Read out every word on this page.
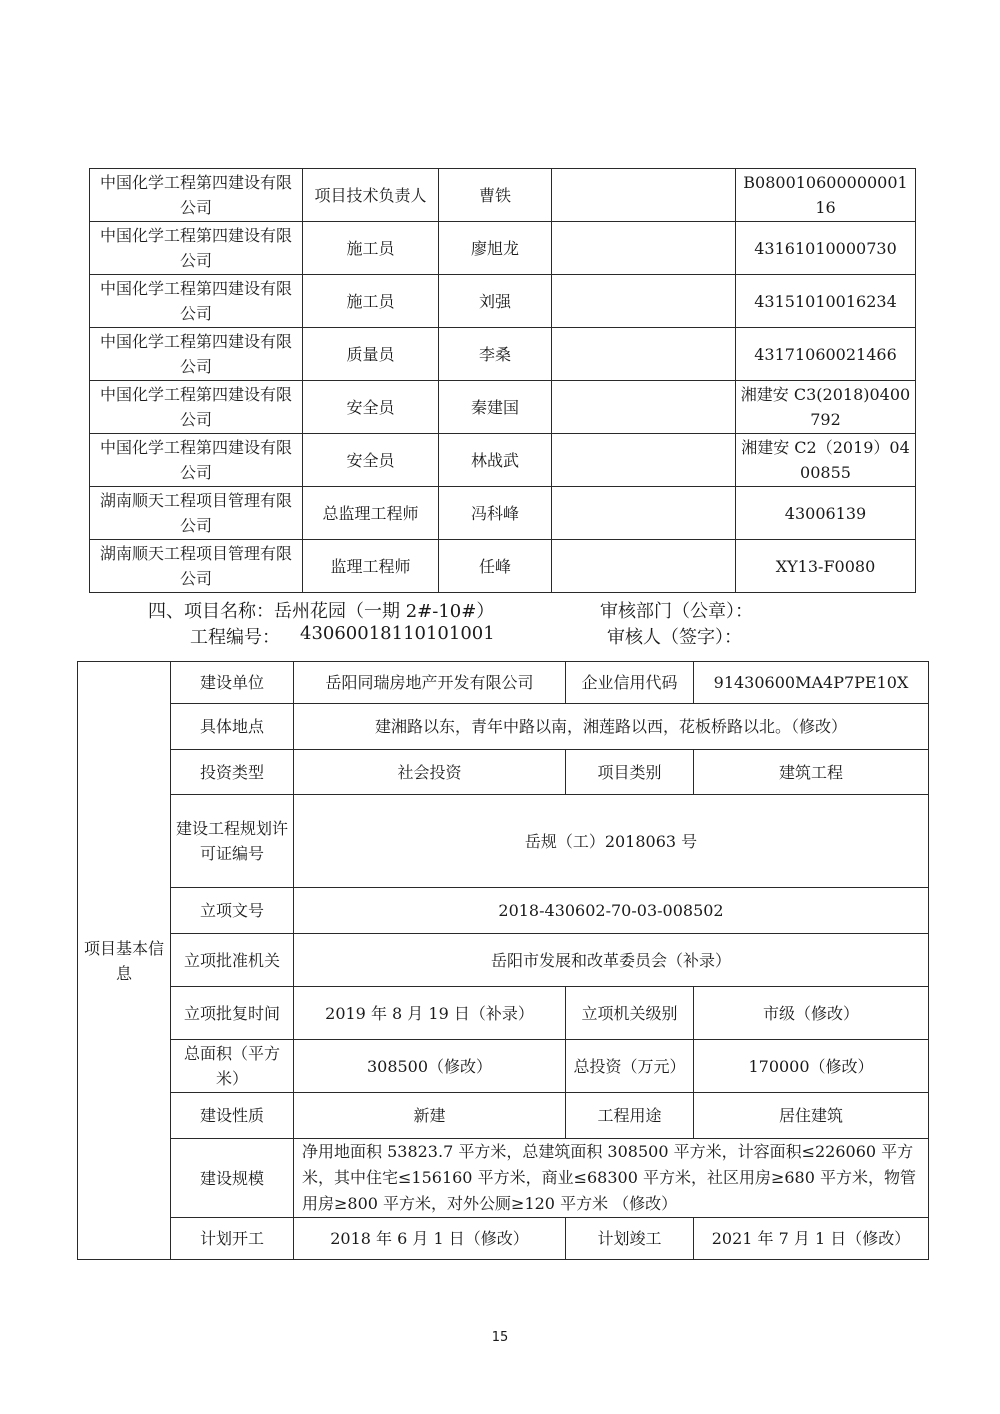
中国化学工程第四建设有限公司	项目技术负责人	曹铁		B08001060000000116
中国化学工程第四建设有限公司	施工员	廖旭龙		43161010000730
中国化学工程第四建设有限公司	施工员	刘强		43151010016234
中国化学工程第四建设有限公司	质量员	李桑		43171060021466
中国化学工程第四建设有限公司	安全员	秦建国		湘建安 C3(2018)0400792
中国化学工程第四建设有限公司	安全员	林战武		湘建安 C2（2019）0400855
湖南顺天工程项目管理有限公司	总监理工程师	冯科峰		43006139
湖南顺天工程项目管理有限公司	监理工程师	任峰		XY13-F0080
四、项目名称：岳州花园（一期 2#-10#）	审核部门（公章）：
工程编号： 43060018110101001	审核人（签字）：
项目基本信息	建设单位	岳阳同瑞房地产开发有限公司	企业信用代码	91430600MA4P7PE10X
	具体地点	建湘路以东，青年中路以南，湘莲路以西，花板桥路以北。（修改）		
	投资类型	社会投资	项目类别	建筑工程
	建设工程规划许可证编号	岳规（工）2018063 号		
	立项文号	2018-430602-70-03-008502		
	立项批准机关	岳阳市发展和改革委员会（补录）		
	立项批复时间	2019 年 8 月 19 日（补录）	立项机关级别	市级（修改）
	总面积（平方米）	308500（修改）	总投资（万元）	170000（修改）
	建设性质	新建	工程用途	居住建筑
	建设规模	净用地面积 53823.7 平方米，总建筑面积 308500 平方米，计容面积≤226060 平方米，其中住宅≤156160 平方米，商业≤68300 平方米，社区用房≥680 平方米，物管用房≥800 平方米，对外公厕≥120 平方米 （修改）		
	计划开工	2018 年 6 月 1 日（修改）	计划竣工	2021 年 7 月 1 日（修改）
15
